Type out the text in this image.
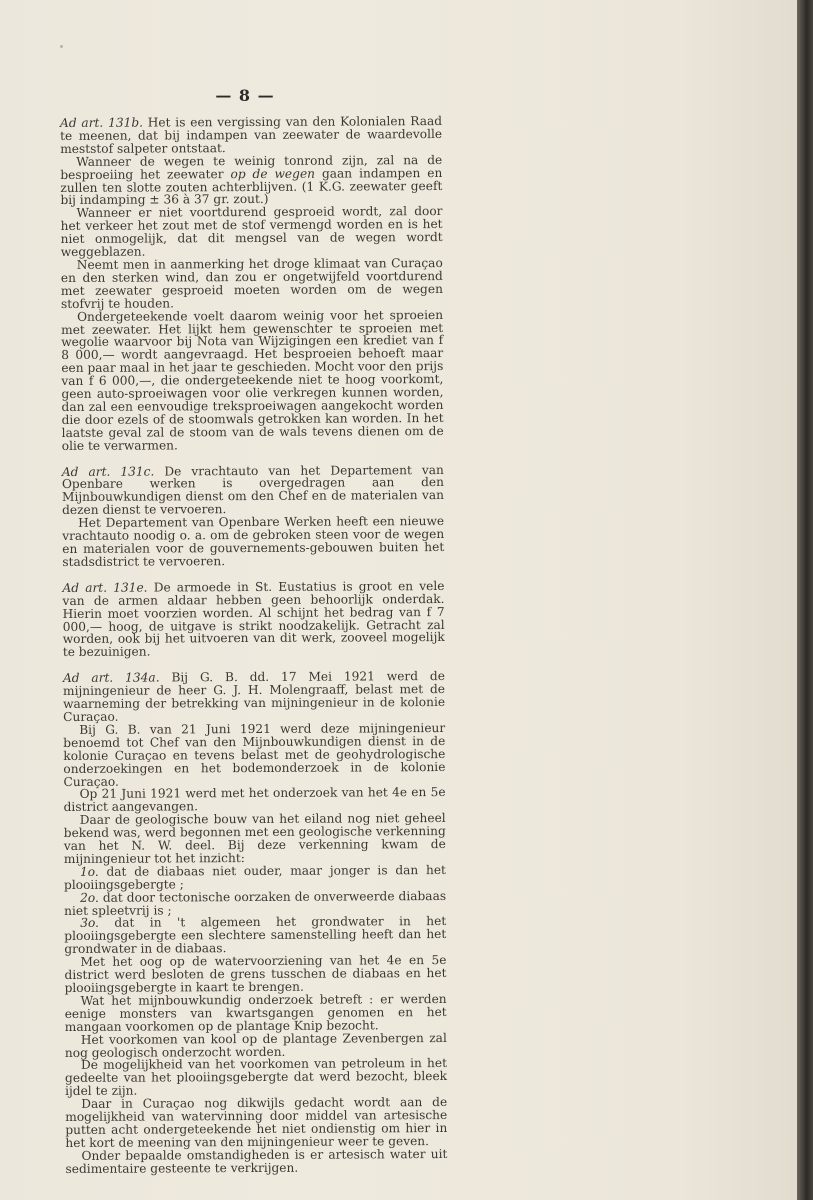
— 8 —

Ad art. 131b. Het is een vergissing van den Kolonialen Raad te meenen, dat bij indampen van zeewater de waardevolle meststof salpeter ontstaat.

Wanneer de wegen te weinig tonrond zijn, zal na de besproeiing het zeewater op de wegen gaan indampen en zullen ten slotte zouten achterblijven. (1 K.G. zeewater geeft bij indamping ± 36 à 37 gr. zout.)

Wanneer er niet voortdurend gesproeid wordt, zal door het verkeer het zout met de stof vermengd worden en is het niet onmogelijk, dat dit mengsel van de wegen wordt weggeblazen.

Neemt men in aanmerking het droge klimaat van Curaçao en den sterken wind, dan zou er ongetwijfeld voortdurend met zeewater gesproeid moeten worden om de wegen stofvrij te houden.

Ondergeteekende voelt daarom weinig voor het sproeien met zeewater. Het lijkt hem gewenschter te sproeien met wegolie waarvoor bij Nota van Wijzigingen een krediet van f 8 000,— wordt aangevraagd. Het besproeien behoeft maar een paar maal in het jaar te geschieden. Mocht voor den prijs van f 6 000,—, die ondergeteekende niet te hoog voorkomt, geen auto-sproeiwagen voor olie verkregen kunnen worden, dan zal een eenvoudige treksproeiwagen aangekocht worden die door ezels of de stoomwals getrokken kan worden. In het laatste geval zal de stoom van de wals tevens dienen om de olie te verwarmen.

Ad art. 131c. De vrachtauto van het Departement van Openbare werken is overgedragen aan den Mijnbouwkundigen dienst om den Chef en de materialen van dezen dienst te vervoeren.

Het Departement van Openbare Werken heeft een nieuwe vrachtauto noodig o. a. om de gebroken steen voor de wegen en materialen voor de gouvernements-gebouwen buiten het stadsdistrict te vervoeren.

Ad art. 131e. De armoede in St. Eustatius is groot en vele van de armen aldaar hebben geen behoorlijk onderdak. Hierin moet voorzien worden. Al schijnt het bedrag van f 7 000,— hoog, de uitgave is strikt noodzakelijk. Getracht zal worden, ook bij het uitvoeren van dit werk, zooveel mogelijk te bezuinigen.

Ad art. 134a. Bij G. B. dd. 17 Mei 1921 werd de mijningenieur de heer G. J. H. Molengraaff, belast met de waarneming der betrekking van mijningenieur in de kolonie Curaçao.

Bij G. B. van 21 Juni 1921 werd deze mijningenieur benoemd tot Chef van den Mijnbouwkundigen dienst in de kolonie Curaçao en tevens belast met de geohydrologische onderzoekingen en het bodemonderzoek in de kolonie Curaçao.

Op 21 Juni 1921 werd met het onderzoek van het 4e en 5e district aangevangen.

Daar de geologische bouw van het eiland nog niet geheel bekend was, werd begonnen met een geologische verkenning van het N. W. deel. Bij deze verkenning kwam de mijningenieur tot het inzicht:

1o. dat de diabaas niet ouder, maar jonger is dan het plooiingsgebergte ;

2o. dat door tectonische oorzaken de onverweerde diabaas niet spleetvrij is ;

3o. dat in 't algemeen het grondwater in het plooiingsgebergte een slechtere samenstelling heeft dan het grondwater in de diabaas.

Met het oog op de watervoorziening van het 4e en 5e district werd besloten de grens tusschen de diabaas en het plooiingsgebergte in kaart te brengen.

Wat het mijnbouwkundig onderzoek betreft : er werden eenige monsters van kwartsgangen genomen en het mangaan voorkomen op de plantage Knip bezocht.

Het voorkomen van kool op de plantage Zevenbergen zal nog geologisch onderzocht worden.

De mogelijkheid van het voorkomen van petroleum in het gedeelte van het plooiingsgebergte dat werd bezocht, bleek ijdel te zijn.

Daar in Curaçao nog dikwijls gedacht wordt aan de mogelijkheid van watervinning door middel van artesische putten acht ondergeteekende het niet ondienstig om hier in het kort de meening van den mijningenieur weer te geven.

Onder bepaalde omstandigheden is er artesisch water uit sedimentaire gesteente te verkrijgen.
